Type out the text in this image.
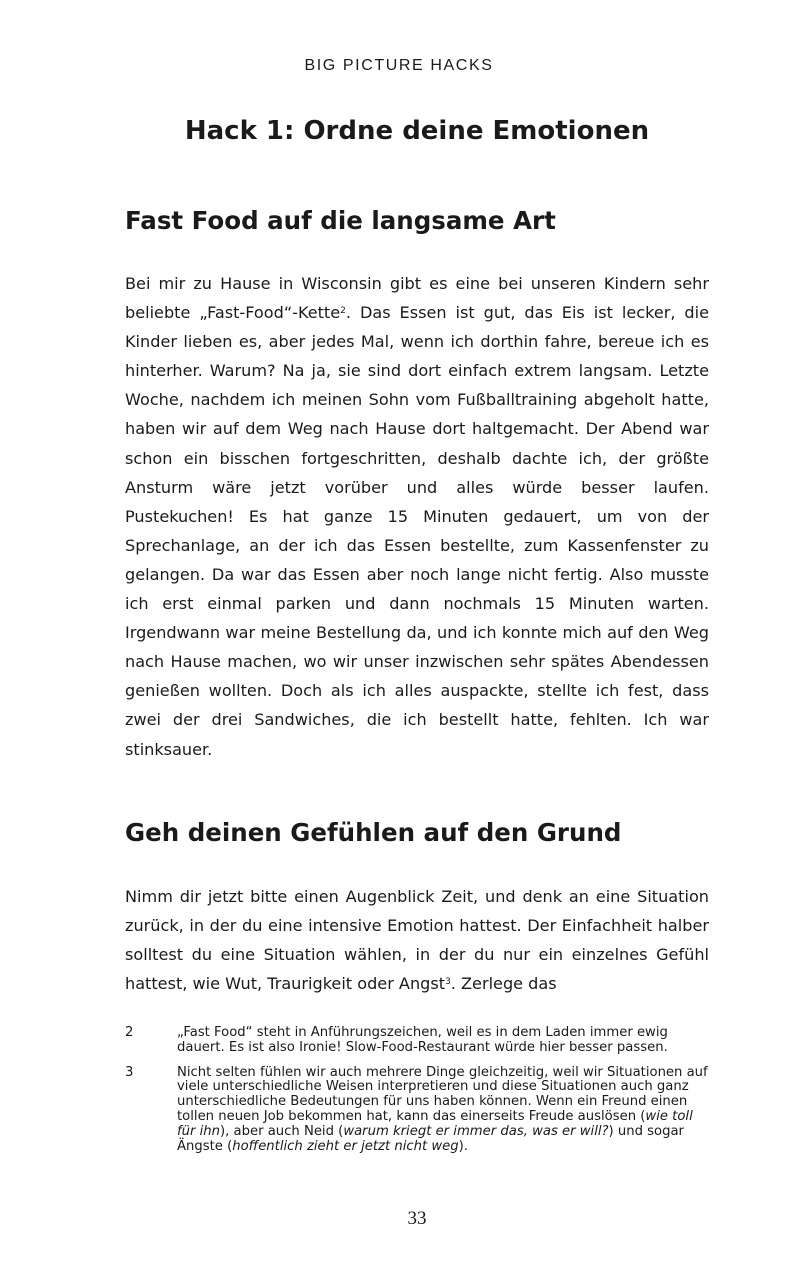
BIG PICTURE HACKS
Hack 1: Ordne deine Emotionen
Fast Food auf die langsame Art

Bei mir zu Hause in Wisconsin gibt es eine bei unseren Kindern sehr beliebte „Fast-Food“-Kette$^2$. Das Essen ist gut, das Eis ist lecker, die Kinder lieben es, aber jedes Mal, wenn ich dorthin fahre, bereue ich es hinterher. Warum? Na ja, sie sind dort einfach extrem langsam. Letzte Woche, nachdem ich meinen Sohn vom Fußballtraining abgeholt hatte, haben wir auf dem Weg nach Hause dort haltgemacht. Der Abend war schon ein bisschen fortgeschritten, deshalb dachte ich, der größte Ansturm wäre jetzt vorüber und alles würde besser laufen. Pustekuchen! Es hat ganze 15 Minuten gedauert, um von der Sprechanlage, an der ich das Essen bestellte, zum Kassenfenster zu gelangen. Da war das Essen aber noch lange nicht fertig. Also musste ich erst einmal parken und dann nochmals 15 Minuten warten. Irgendwann war meine Bestellung da, und ich konnte mich auf den Weg nach Hause machen, wo wir unser inzwischen sehr spätes Abendessen genießen wollten. Doch als ich alles auspackte, stellte ich fest, dass zwei der drei Sandwiches, die ich bestellt hatte, fehlten. Ich war stinksauer.

Geh deinen Gefühlen auf den Grund

Nimm dir jetzt bitte einen Augenblick Zeit, und denk an eine Situation zurück, in der du eine intensive Emotion hattest. Der Einfachheit halber solltest du eine Situation wählen, in der du nur ein einzelnes Gefühl hattest, wie Wut, Traurigkeit oder Angst$^3$. Zerlege das

2	„Fast Food“ steht in Anführungszeichen, weil es in dem Laden immer ewig dauert. Es ist also Ironie! Slow-Food-Restaurant würde hier besser passen.
3	Nicht selten fühlen wir auch mehrere Dinge gleichzeitig, weil wir Situationen auf viele unterschiedliche Weisen interpretieren und diese Situationen auch ganz unterschiedliche Bedeutungen für uns haben können. Wenn ein Freund einen tollen neuen Job bekommen hat, kann das einerseits Freude auslösen (wie toll für ihn), aber auch Neid (warum kriegt er immer das, was er will?) und sogar Ängste (hoffentlich zieht er jetzt nicht weg).
33
